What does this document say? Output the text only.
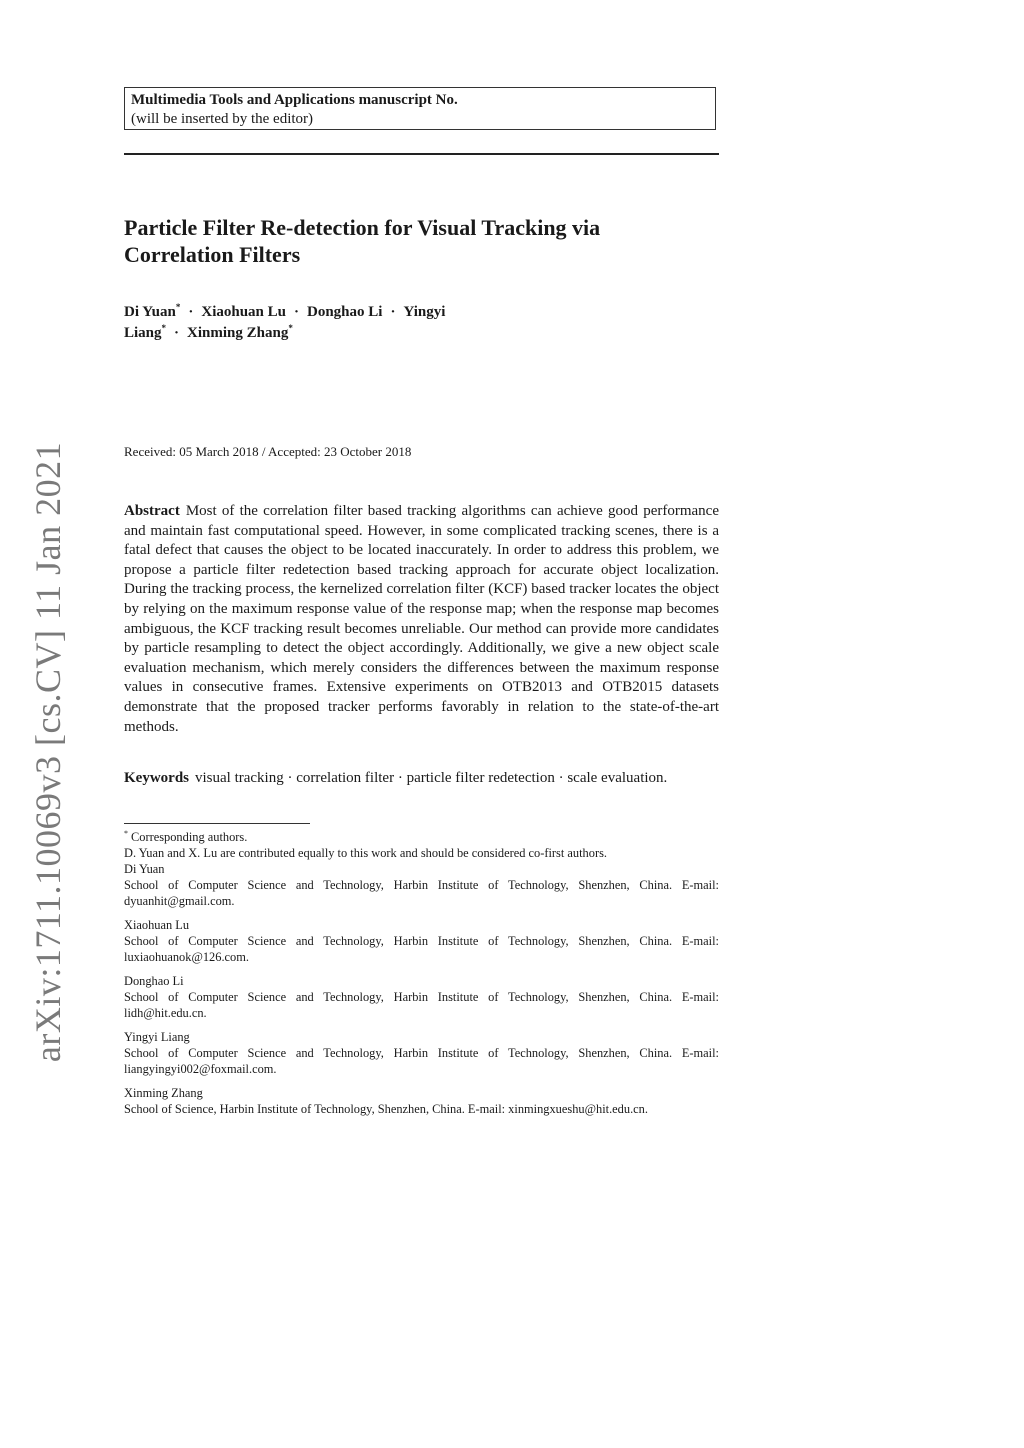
arXiv:1711.10069v3 [cs.CV] 11 Jan 2021
Multimedia Tools and Applications manuscript No.
(will be inserted by the editor)
Particle Filter Re-detection for Visual Tracking via
Correlation Filters
Di Yuan* · Xiaohuan Lu · Donghao Li · Yingyi
Liang* · Xinming Zhang*
Received: 05 March 2018 / Accepted: 23 October 2018
Abstract Most of the correlation filter based tracking algorithms can achieve good performance and maintain fast computational speed. However, in some complicated tracking scenes, there is a fatal defect that causes the object to be located inaccurately. In order to address this problem, we propose a particle filter redetection based tracking approach for accurate object localization. During the tracking process, the kernelized correlation filter (KCF) based tracker locates the object by relying on the maximum response value of the response map; when the response map becomes ambiguous, the KCF tracking result becomes unreliable. Our method can provide more candidates by particle resampling to detect the object accordingly. Additionally, we give a new object scale evaluation mechanism, which merely considers the differences between the maximum response values in consecutive frames. Extensive experiments on OTB2013 and OTB2015 datasets demonstrate that the proposed tracker performs favorably in relation to the state-of-the-art methods.
Keywords visual tracking · correlation filter · particle filter redetection · scale evaluation.
* Corresponding authors.
D. Yuan and X. Lu are contributed equally to this work and should be considered co-first authors.
Di Yuan
School of Computer Science and Technology, Harbin Institute of Technology, Shenzhen, China. E-mail: dyuanhit@gmail.com.
Xiaohuan Lu
School of Computer Science and Technology, Harbin Institute of Technology, Shenzhen, China. E-mail: luxiaohuanok@126.com.
Donghao Li
School of Computer Science and Technology, Harbin Institute of Technology, Shenzhen, China. E-mail: lidh@hit.edu.cn.
Yingyi Liang
School of Computer Science and Technology, Harbin Institute of Technology, Shenzhen, China. E-mail: liangyingyi002@foxmail.com.
Xinming Zhang
School of Science, Harbin Institute of Technology, Shenzhen, China. E-mail: xinmingxueshu@hit.edu.cn.
